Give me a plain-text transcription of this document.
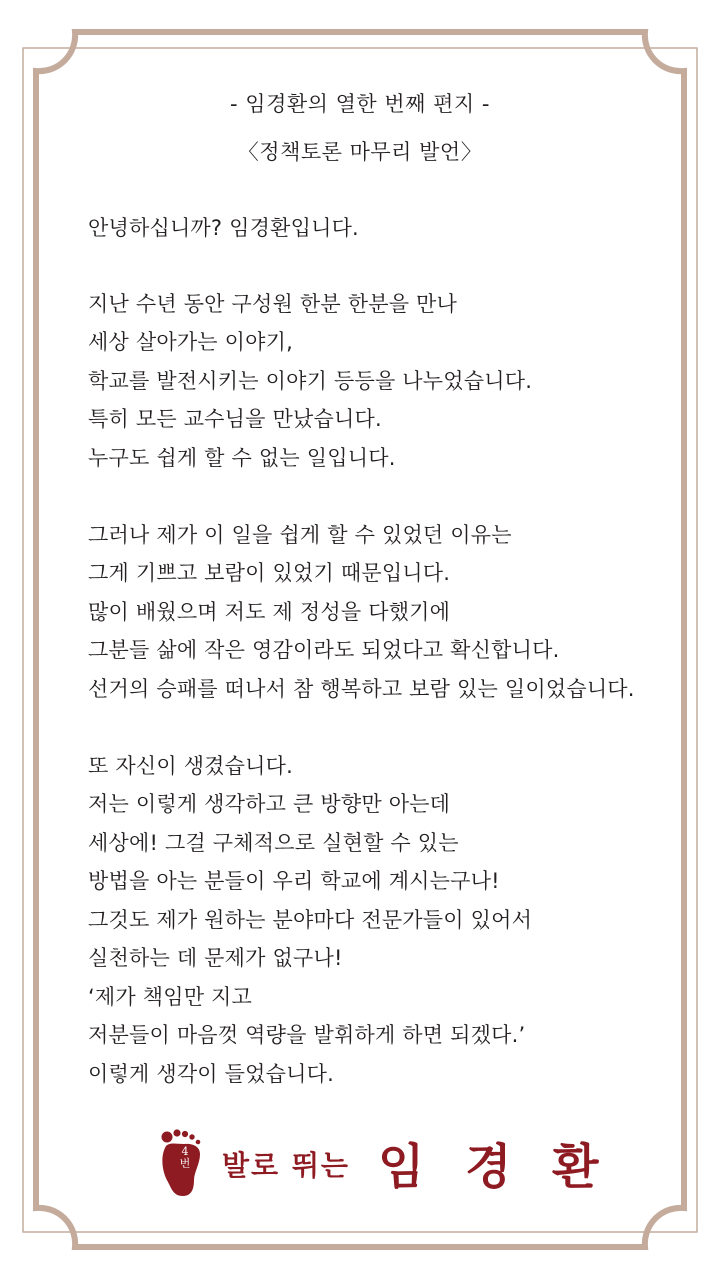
- 임경환의 열한 번째 편지 -
〈정책토론 마무리 발언〉
안녕하십니까? 임경환입니다.
지난 수년 동안 구성원 한분 한분을 만나
세상 살아가는 이야기,
학교를 발전시키는 이야기 등등을 나누었습니다.
특히 모든 교수님을 만났습니다.
누구도 쉽게 할 수 없는 일입니다.
그러나 제가 이 일을 쉽게 할 수 있었던 이유는
그게 기쁘고 보람이 있었기 때문입니다.
많이 배웠으며 저도 제 정성을 다했기에
그분들 삶에 작은 영감이라도 되었다고 확신합니다.
선거의 승패를 떠나서 참 행복하고 보람 있는 일이었습니다.
또 자신이 생겼습니다.
저는 이렇게 생각하고 큰 방향만 아는데
세상에! 그걸 구체적으로 실현할 수 있는
방법을 아는 분들이 우리 학교에 계시는구나!
그것도 제가 원하는 분야마다 전문가들이 있어서
실천하는 데 문제가 없구나!
‘제가 책임만 지고
저분들이 마음껏 역량을 발휘하게 하면 되겠다.’
이렇게 생각이 들었습니다.
4
번 발로 뛰는 임 경 환
